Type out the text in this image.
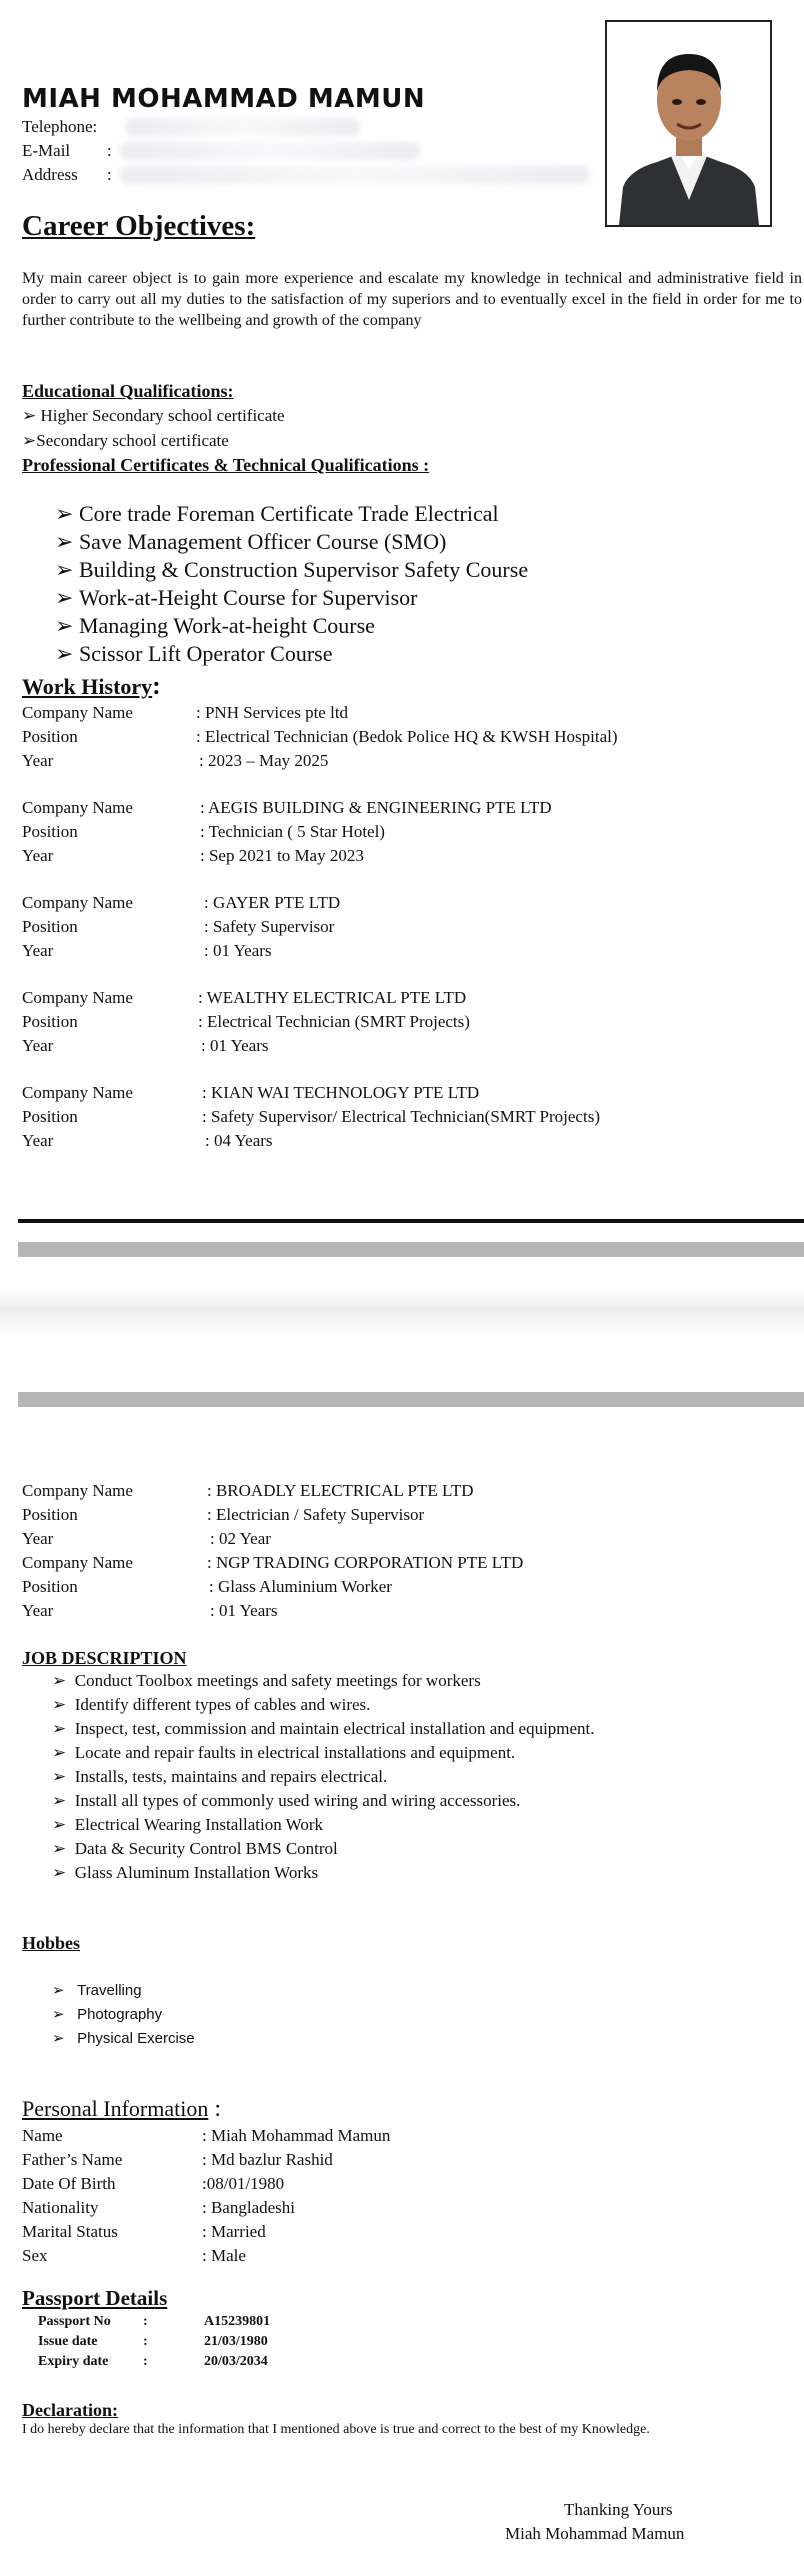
MIAH MOHAMMAD MAMUN
Telephone:
E-Mail :
Address :
Career Objectives:
My main career object is to gain more experience and escalate my knowledge in technical and administrative field in order to carry out all my duties to the satisfaction of my superiors and to eventually excel in the field in order for me to further contribute to the wellbeing and growth of the company
Educational Qualifications:
➢ Higher Secondary school certificate
➢Secondary school certificate
Professional Certificates & Technical Qualifications :
➢ Core trade Foreman Certificate Trade Electrical
➢ Save Management Officer Course (SMO)
➢ Building & Construction Supervisor Safety Course
➢ Work-at-Height Course for Supervisor
➢ Managing Work-at-height Course
➢ Scissor Lift Operator Course
Work History:
Company Name	: PNH Services pte ltd
Position	: Electrical Technician (Bedok Police HQ & KWSH Hospital)
Year	: 2023 – May 2025
Company Name	: AEGIS BUILDING & ENGINEERING PTE LTD
Position	: Technician ( 5 Star Hotel)
Year	: Sep 2021 to May 2023
Company Name	: GAYER PTE LTD
Position	: Safety Supervisor
Year	: 01 Years
Company Name	: WEALTHY ELECTRICAL PTE LTD
Position	: Electrical Technician (SMRT Projects)
Year	: 01 Years
Company Name	: KIAN WAI TECHNOLOGY PTE LTD
Position	: Safety Supervisor/ Electrical Technician(SMRT Projects)
Year	: 04 Years
Company Name	: BROADLY ELECTRICAL PTE LTD
Position	: Electrician / Safety Supervisor
Year	: 02 Year
Company Name	: NGP TRADING CORPORATION PTE LTD
Position	: Glass Aluminium Worker
Year	: 01 Years
JOB DESCRIPTION
➢  Conduct Toolbox meetings and safety meetings for workers
➢  Identify different types of cables and wires.
➢  Inspect, test, commission and maintain electrical installation and equipment.
➢  Locate and repair faults in electrical installations and equipment.
➢  Installs, tests, maintains and repairs electrical.
➢  Install all types of commonly used wiring and wiring accessories.
➢  Electrical Wearing Installation Work
➢  Data & Security Control BMS Control
➢  Glass Aluminum Installation Works
Hobbes
➢   Travelling
➢   Photography
➢   Physical Exercise
Personal Information :
Name	: Miah Mohammad Mamun
Father’s Name	: Md bazlur Rashid
Date Of Birth	:08/01/1980
Nationality	: Bangladeshi
Marital Status	: Married
Sex	: Male
Passport Details
Passport No :	A15239801
Issue date	:	21/03/1980
Expiry date :	20/03/2034
Declaration:
I do hereby declare that the information that I mentioned above is true and correct to the best of my Knowledge.
Thanking Yours
Miah Mohammad Mamun
